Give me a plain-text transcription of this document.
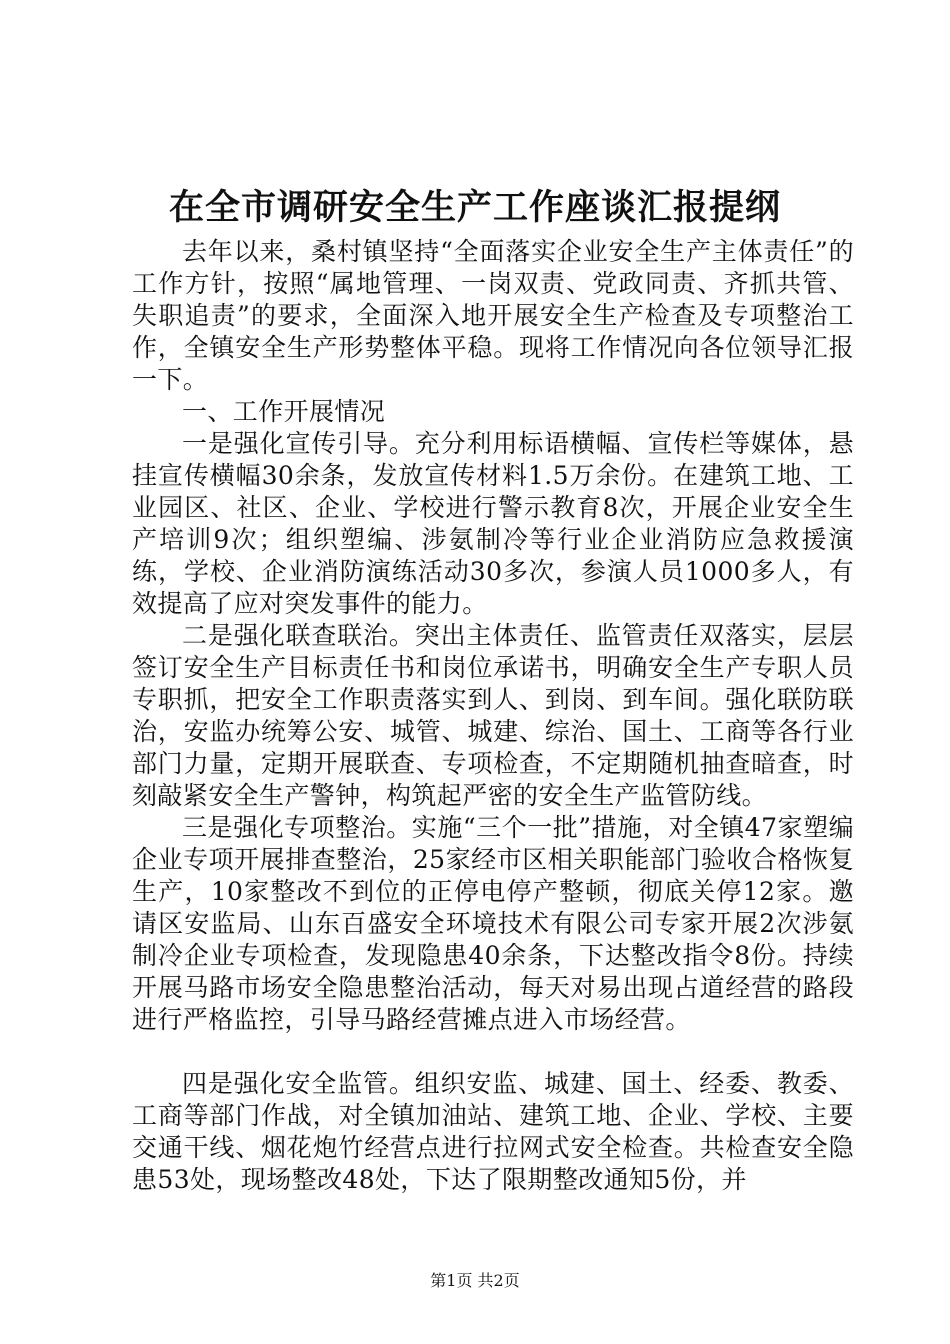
在全市调研安全生产工作座谈汇报提纲

去年以来，桑村镇坚持“全面落实企业安全生产主体责任”的工作方针，按照“属地管理、一岗双责、党政同责、齐抓共管、失职追责”的要求，全面深入地开展安全生产检查及专项整治工作，全镇安全生产形势整体平稳。现将工作情况向各位领导汇报一下。

一、工作开展情况

一是强化宣传引导。充分利用标语横幅、宣传栏等媒体，悬挂宣传横幅30余条，发放宣传材料1.5万余份。在建筑工地、工业园区、社区、企业、学校进行警示教育8次，开展企业安全生产培训9次；组织塑编、涉氨制冷等行业企业消防应急救援演练，学校、企业消防演练活动30多次，参演人员1000多人，有效提高了应对突发事件的能力。

二是强化联查联治。突出主体责任、监管责任双落实，层层签订安全生产目标责任书和岗位承诺书，明确安全生产专职人员专职抓，把安全工作职责落实到人、到岗、到车间。强化联防联治，安监办统筹公安、城管、城建、综治、国土、工商等各行业部门力量，定期开展联查、专项检查，不定期随机抽查暗查，时刻敲紧安全生产警钟，构筑起严密的安全生产监管防线。

三是强化专项整治。实施“三个一批”措施，对全镇47家塑编企业专项开展排查整治，25家经市区相关职能部门验收合格恢复生产，10家整改不到位的正停电停产整顿，彻底关停12家。邀请区安监局、山东百盛安全环境技术有限公司专家开展2次涉氨制冷企业专项检查，发现隐患40余条，下达整改指令8份。持续开展马路市场安全隐患整治活动，每天对易出现占道经营的路段进行严格监控，引导马路经营摊点进入市场经营。

四是强化安全监管。组织安监、城建、国土、经委、教委、工商等部门作战，对全镇加油站、建筑工地、企业、学校、主要交通干线、烟花炮竹经营点进行拉网式安全检查。共检查安全隐患53处，现场整改48处，下达了限期整改通知5份，并

第1页 共2页
